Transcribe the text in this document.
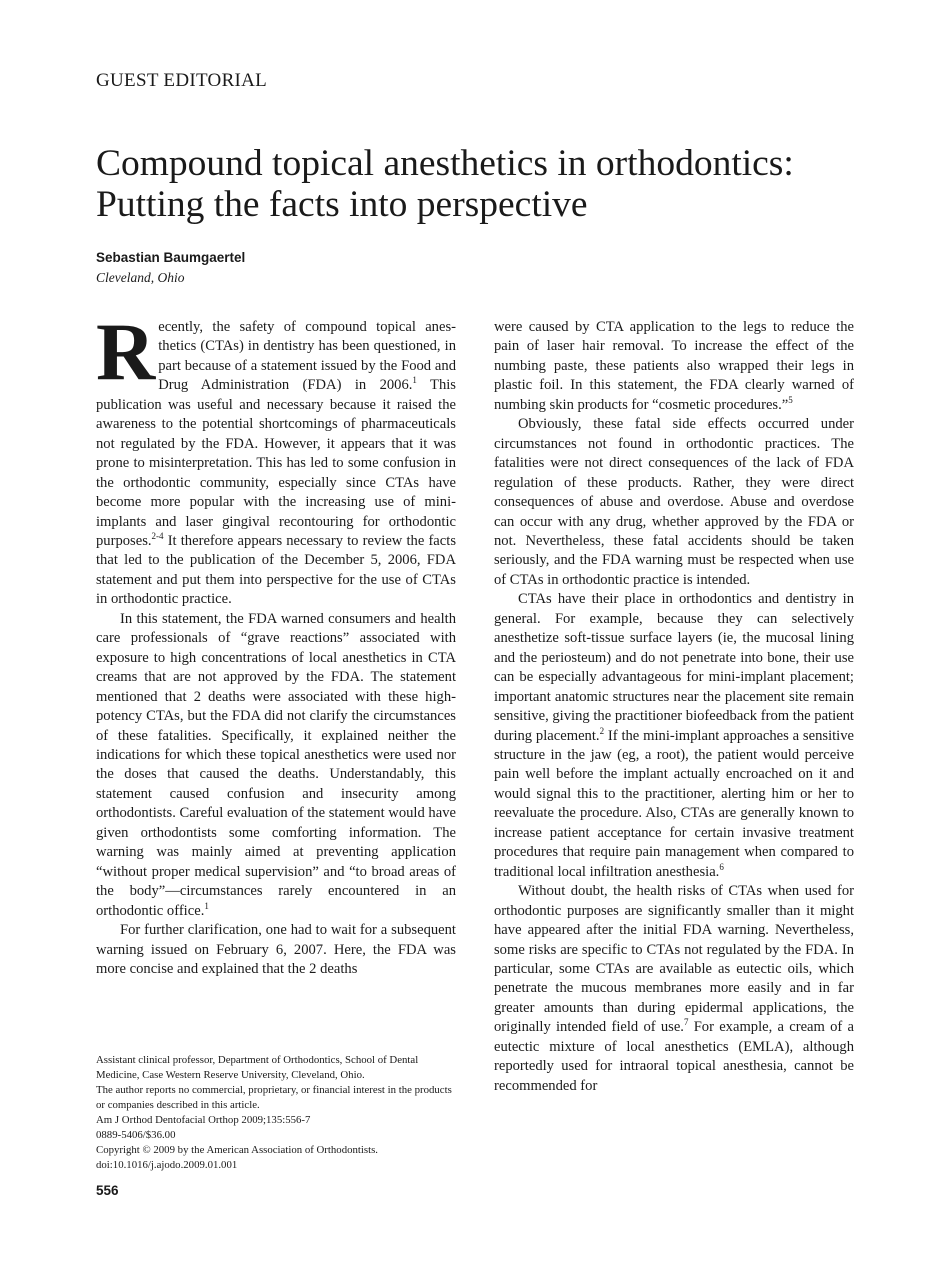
GUEST EDITORIAL
Compound topical anesthetics in orthodontics:
Putting the facts into perspective
Sebastian Baumgaertel
Cleveland, Ohio

Recently, the safety of compound topical anes-thetics (CTAs) in dentistry has been questioned, in part because of a statement issued by the Food and Drug Administration (FDA) in 2006.$^1$ This publication was useful and necessary because it raised the awareness to the potential shortcomings of pharmaceuticals not regulated by the FDA. However, it appears that it was prone to misinterpretation. This has led to some confusion in the orthodontic community, especially since CTAs have become more popular with the increasing use of mini-implants and laser gingival recontouring for orthodontic purposes.$^{2-4}$ It therefore appears necessary to review the facts that led to the publication of the December 5, 2006, FDA statement and put them into perspective for the use of CTAs in orthodontic practice.

In this statement, the FDA warned consumers and health care professionals of “grave reactions” associated with exposure to high concentrations of local anesthetics in CTA creams that are not approved by the FDA. The statement mentioned that 2 deaths were associated with these high-potency CTAs, but the FDA did not clarify the circumstances of these fatalities. Specifically, it explained neither the indications for which these topical anesthetics were used nor the doses that caused the deaths. Understandably, this statement caused confusion and insecurity among orthodontists. Careful evaluation of the statement would have given orthodontists some comforting information. The warning was mainly aimed at preventing application “without proper medical supervision” and “to broad areas of the body”—circumstances rarely encountered in an orthodontic office.$^1$

For further clarification, one had to wait for a subsequent warning issued on February 6, 2007. Here, the FDA was more concise and explained that the 2 deaths

were caused by CTA application to the legs to reduce the pain of laser hair removal. To increase the effect of the numbing paste, these patients also wrapped their legs in plastic foil. In this statement, the FDA clearly warned of numbing skin products for “cosmetic procedures.”$^5$

Obviously, these fatal side effects occurred under circumstances not found in orthodontic practices. The fatalities were not direct consequences of the lack of FDA regulation of these products. Rather, they were direct consequences of abuse and overdose. Abuse and overdose can occur with any drug, whether approved by the FDA or not. Nevertheless, these fatal accidents should be taken seriously, and the FDA warning must be respected when use of CTAs in orthodontic practice is intended.

CTAs have their place in orthodontics and dentistry in general. For example, because they can selectively anesthetize soft-tissue surface layers (ie, the mucosal lining and the periosteum) and do not penetrate into bone, their use can be especially advantageous for mini-implant placement; important anatomic structures near the placement site remain sensitive, giving the practitioner biofeedback from the patient during placement.$^2$ If the mini-implant approaches a sensitive structure in the jaw (eg, a root), the patient would perceive pain well before the implant actually encroached on it and would signal this to the practitioner, alerting him or her to reevaluate the procedure. Also, CTAs are generally known to increase patient acceptance for certain invasive treatment procedures that require pain management when compared to traditional local infiltration anesthesia.$^6$

Without doubt, the health risks of CTAs when used for orthodontic purposes are significantly smaller than it might have appeared after the initial FDA warning. Nevertheless, some risks are specific to CTAs not regulated by the FDA. In particular, some CTAs are available as eutectic oils, which penetrate the mucous membranes more easily and in far greater amounts than during epidermal applications, the originally intended field of use.$^7$ For example, a cream of a eutectic mixture of local anesthetics (EMLA), although reportedly used for intraoral topical anesthesia, cannot be recommended for

Assistant clinical professor, Department of Orthodontics, School of Dental Medicine, Case Western Reserve University, Cleveland, Ohio.
The author reports no commercial, proprietary, or financial interest in the products or companies described in this article.
Am J Orthod Dentofacial Orthop 2009;135:556-7
0889-5406/$36.00
Copyright © 2009 by the American Association of Orthodontists.
doi:10.1016/j.ajodo.2009.01.001
556
